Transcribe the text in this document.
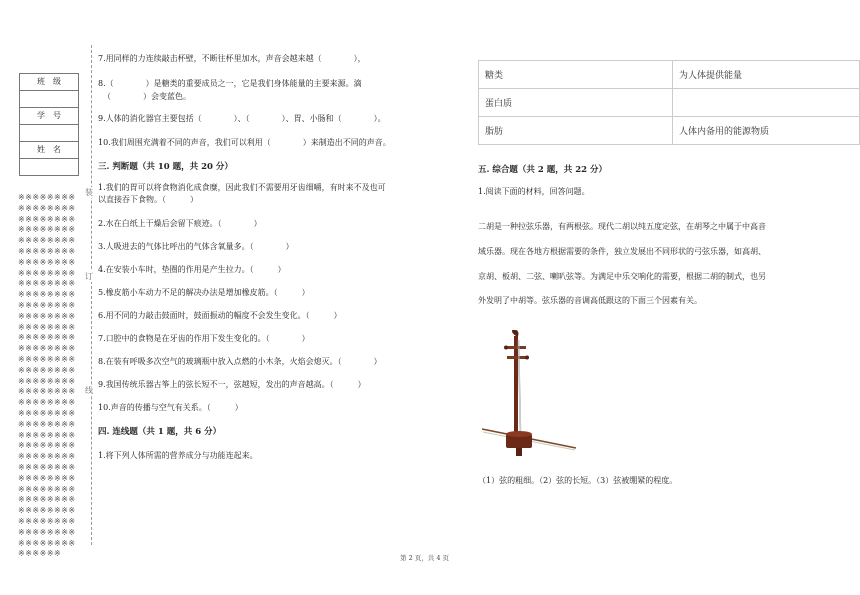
班　级

学　号

姓　名

※※※※※※※※※※※※※※※※※※※※※※※※※※※※※※※※※※※※※※※※※※※※※※※※※※※※※※※※※※※※※※※※※※※※※※※※※※※※※※※※※※※※※※※※※※※※※※※※※※※※※※※※※※※※※※※※※※※※※※※※※※※※※※※※※※※※※※※※※※※※※※※※※※※※※※※※※※※※※※※※※※※※※※※※※※※※※※※※※※※※※※※※※※※※※※※※※※※※※※※※※※※※※※※※※※※※※※※※※※※※※※※※※※※※※※※※※※※※※※※※※※※※※※※※※※※※※※※※※※※※※※※※※※※※※※
装
订
线
7.用同样的力连续敲击杯壁，不断往杯里加水，声音会越来越（　　　　），
8.（　　　　）是糖类的重要成员之一，它是我们身体能量的主要来源。滴
（　　　　）会变蓝色。
9.人体的消化器官主要包括（　　　　）、（　　　　）、胃、小肠和（　　　　）。
10.我们周围充满着不同的声音，我们可以利用（　　　　）来制造出不同的声音。
三. 判断题（共 10 题，共 20 分）
1.我们的胃可以将食物消化成食糜，因此我们不需要用牙齿细嚼，有时来不及也可
以直接吞下食物。（　　　）
2.水在白纸上干燥后会留下痕迹。（　　　　）
3.人吸进去的气体比呼出的气体含氧量多。（　　　　）
4.在安装小车时，垫圈的作用是产生拉力。（　　　）
5.橡皮筋小车动力不足的解决办法是增加橡皮筋。（　　　）
6.用不同的力敲击鼓面时，鼓面振动的幅度不会发生变化。（　　　）
7.口腔中的食物是在牙齿的作用下发生变化的。（　　　　）
8.在装有呼吸多次空气的玻璃瓶中放入点燃的小木条，火焰会熄灭。（　　　　）
9.我国传统乐器古筝上的弦长短不一，弦越短，发出的声音越高。（　　　）
10.声音的传播与空气有关系。（　　　）
四. 连线题（共 1 题，共 6 分）
1.将下列人体所需的营养成分与功能连起来。
糖类	为人体提供能量
蛋白质	
脂肪	人体内备用的能源物质
五. 综合题（共 2 题，共 22 分）
1.阅读下面的材料，回答问题。
二胡是一种拉弦乐器，有两根弦。现代二胡以纯五度定弦，在胡琴之中属于中高音
域乐器。现在各地方根据需要的条件，独立发展出不同形状的弓弦乐器，如高胡、
京胡、板胡、二弦、喇叭弦等。为满足中乐交响化的需要，根据二胡的制式，也另
外发明了中胡等。弦乐器的音调高低跟这的下面三个因素有关。
（1）弦的粗细。（2）弦的长短。（3）弦被绷紧的程度。
第 2 页，共 4 页
